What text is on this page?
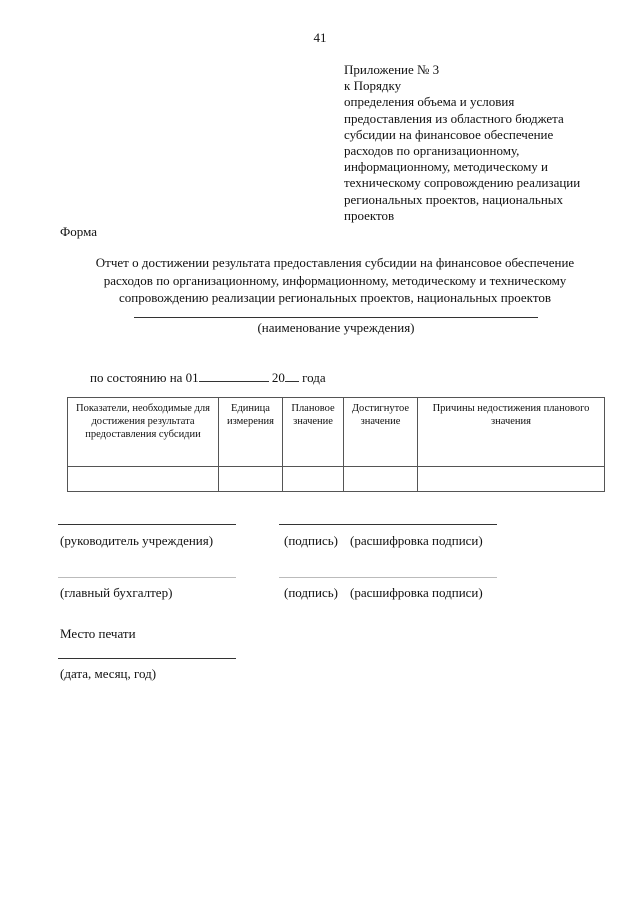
41
Приложение № 3
к Порядку
определения объема и условия
предоставления из областного бюджета
субсидии на финансовое обеспечение
расходов по организационному,
информационному, методическому и
техническому сопровождению реализации
региональных проектов, национальных
проектов
Форма
Отчет о достижении результата предоставления субсидии на финансовое обеспечение
расходов по организационному, информационному, методическому и техническому
сопровождению реализации региональных проектов, национальных проектов
(наименование учреждения)
по состоянию на 01	20 года
Показатели, необходимые для достижения результата предоставления субсидии	Единица измерения	Плановое значение	Достигнутое значение	Причины недостижения планового значения

(руководитель учреждения)	(подпись) (расшифровка подписи)
(главный бухгалтер)	(подпись) (расшифровка подписи)
Место печати
(дата, месяц, год)
